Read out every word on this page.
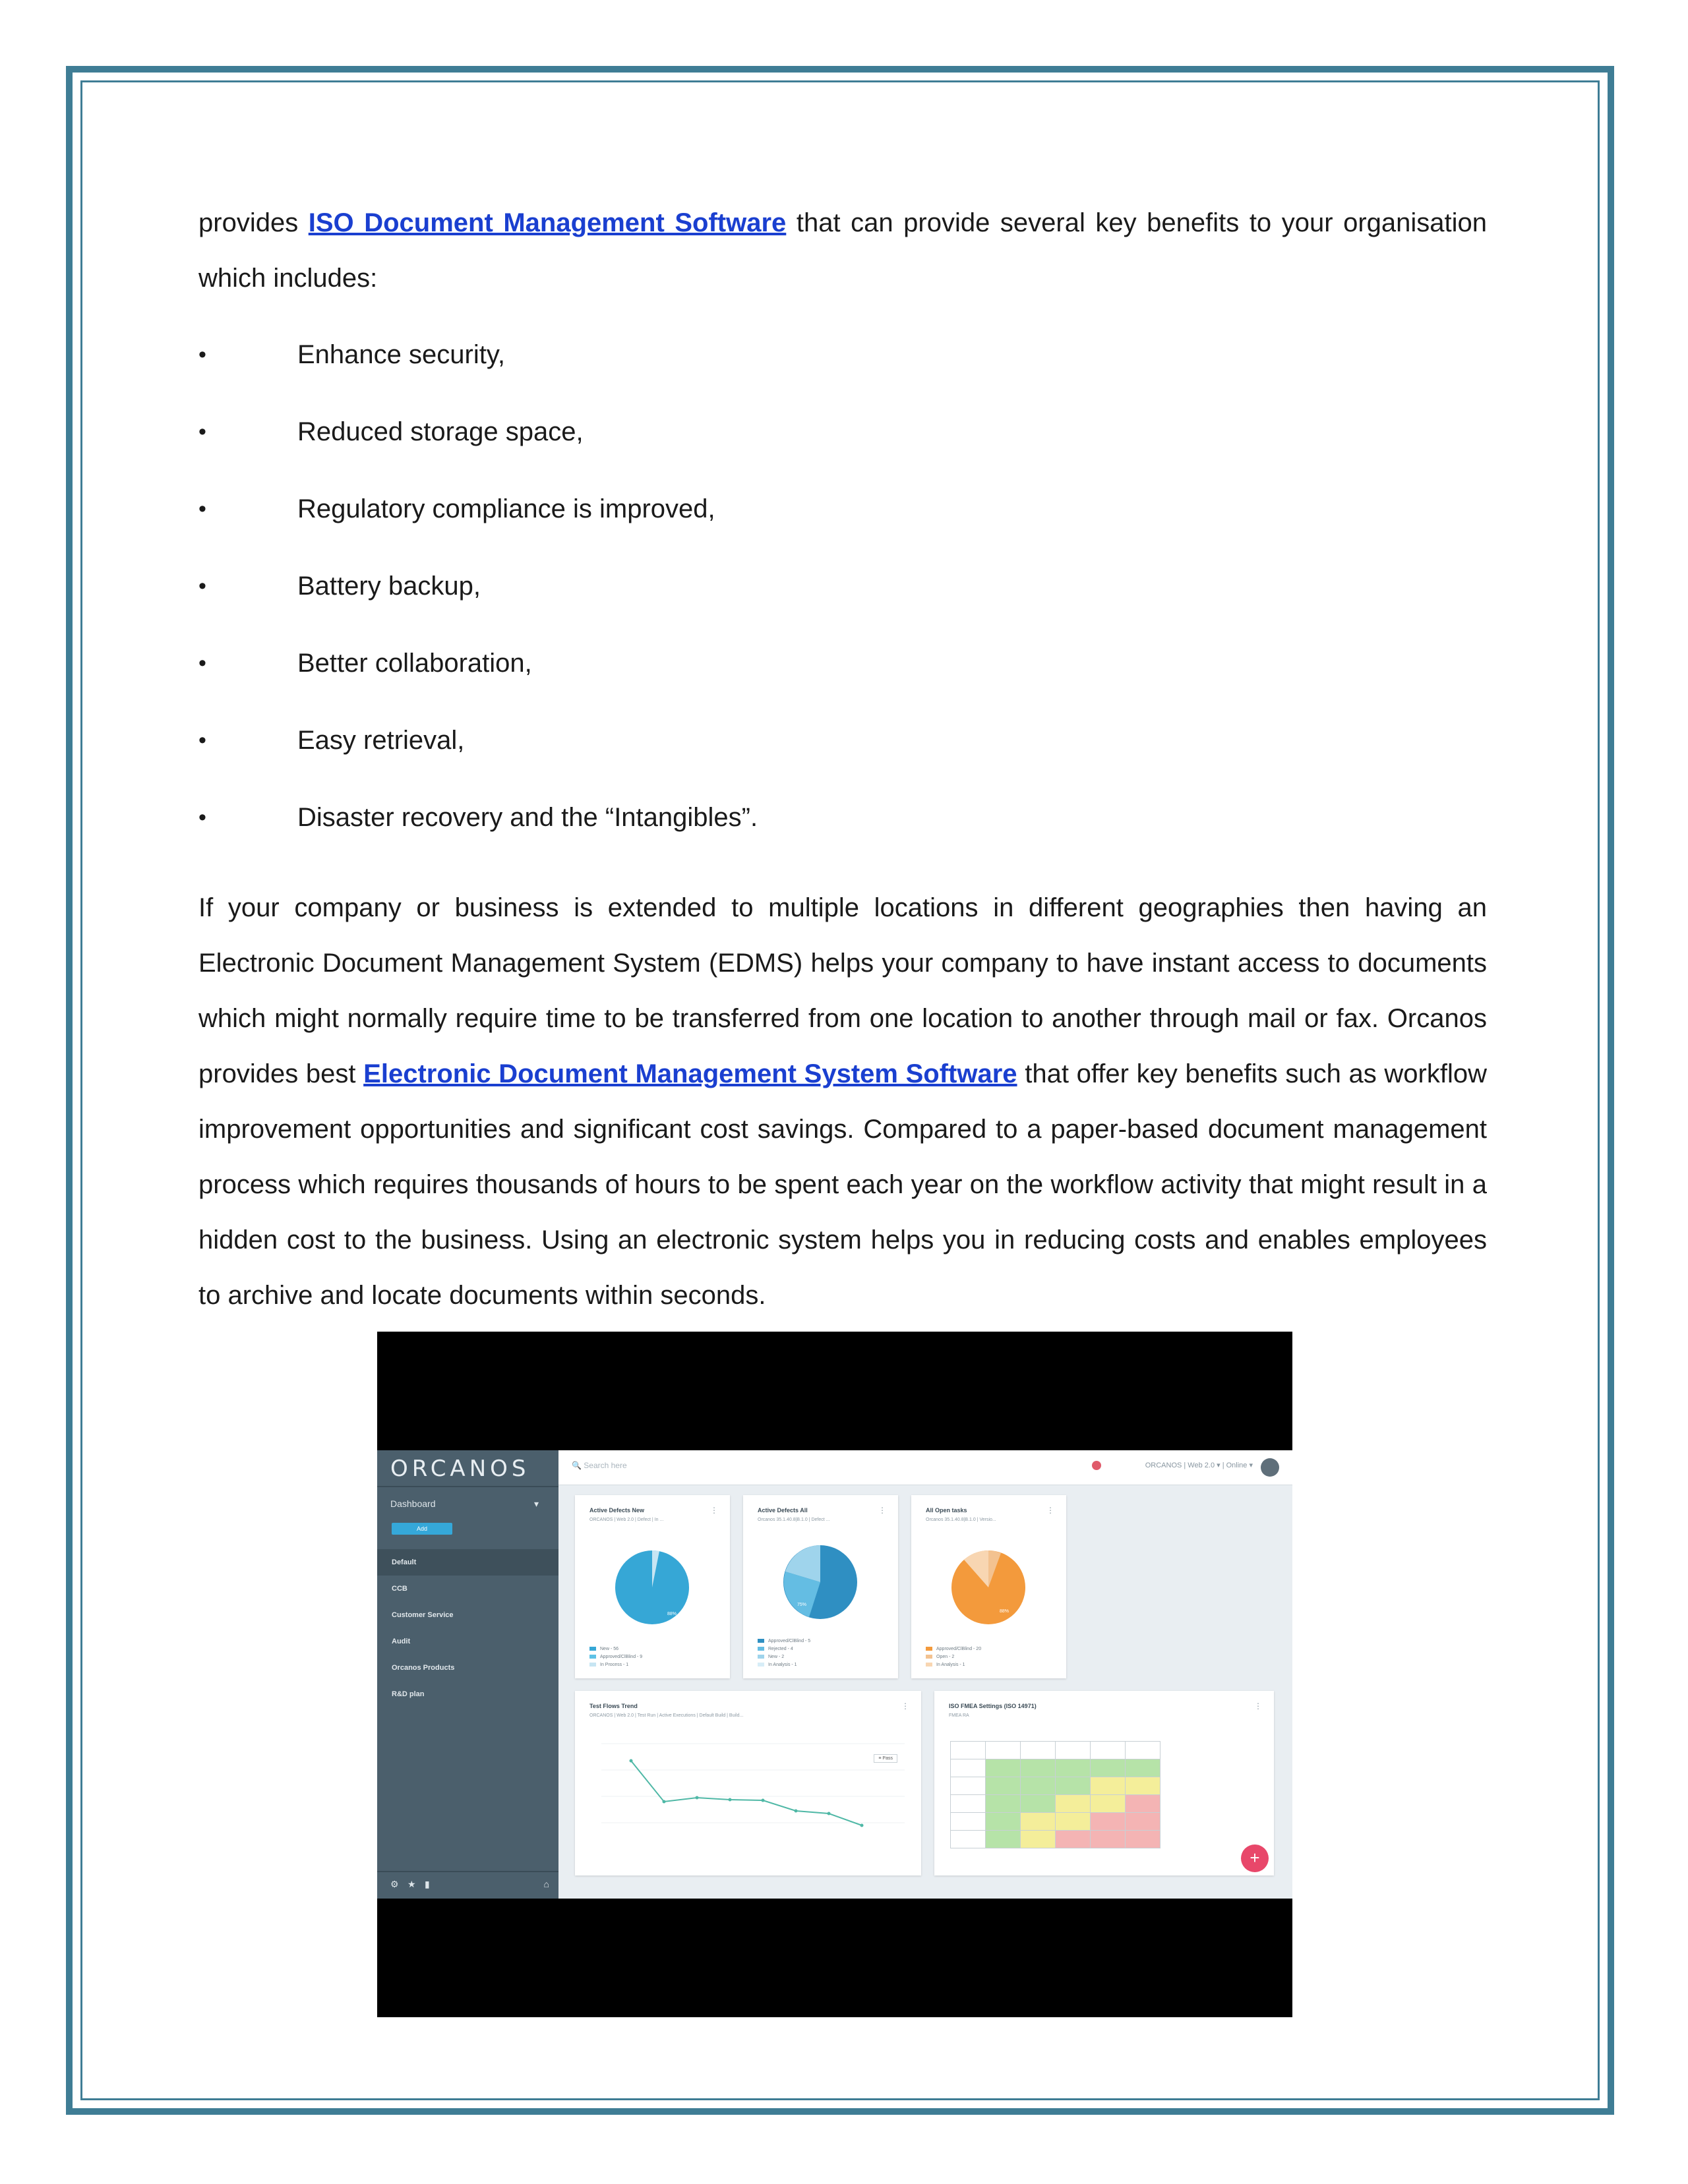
provides ISO Document Management Software that can provide several key benefits to your organisation which includes:

•	Enhance security,
•	Reduced storage space,
•	Regulatory compliance is improved,
•	Battery backup,
•	Better collaboration,
•	Easy retrieval,
•	Disaster recovery and the “Intangibles”.

If your company or business is extended to multiple locations in different geographies then having an Electronic Document Management System (EDMS) helps your company to have instant access to documents which might normally require time to be transferred from one location to another through mail or fax. Orcanos provides best Electronic Document Management System Software that offer key benefits such as workflow improvement opportunities and significant cost savings. Compared to a paper-based document management process which requires thousands of hours to be spent each year on the workflow activity that might result in a hidden cost to the business. Using an electronic system helps you in reducing costs and enables employees to archive and locate documents within seconds.

ORCANOS
Dashboard	▾
Add
Default
CCB
Customer Service
Audit
Orcanos Products
R&D plan
⚙ ★ ▮	⌂
🔍 Search here	ORCANOS | Web 2.0 ▾ | Online ▾
Active Defects New
ORCANOS | Web 2.0 | Defect | In ...
⋮
88%
New - 56
Approved/ClBlind - 9
In Process - 1
Active Defects All
Orcanos 35.1.40.8|B.1.0 | Defect ...
⋮
75%
Approved/ClBlind - 5
Rejected - 4
New - 2
In Analysis - 1
All Open tasks
Orcanos 35.1.40.8|B.1.0 | Versio...
⋮
88%
Approved/ClBlind - 20
Open - 2
In Analysis - 1
Test Flows Trend
ORCANOS | Web 2.0 | Test Run | Active Executions | Default Build | Build...
⋮
≡ Pass
ISO FMEA Settings (ISO 14971)
FMEA RA
⋮

+
